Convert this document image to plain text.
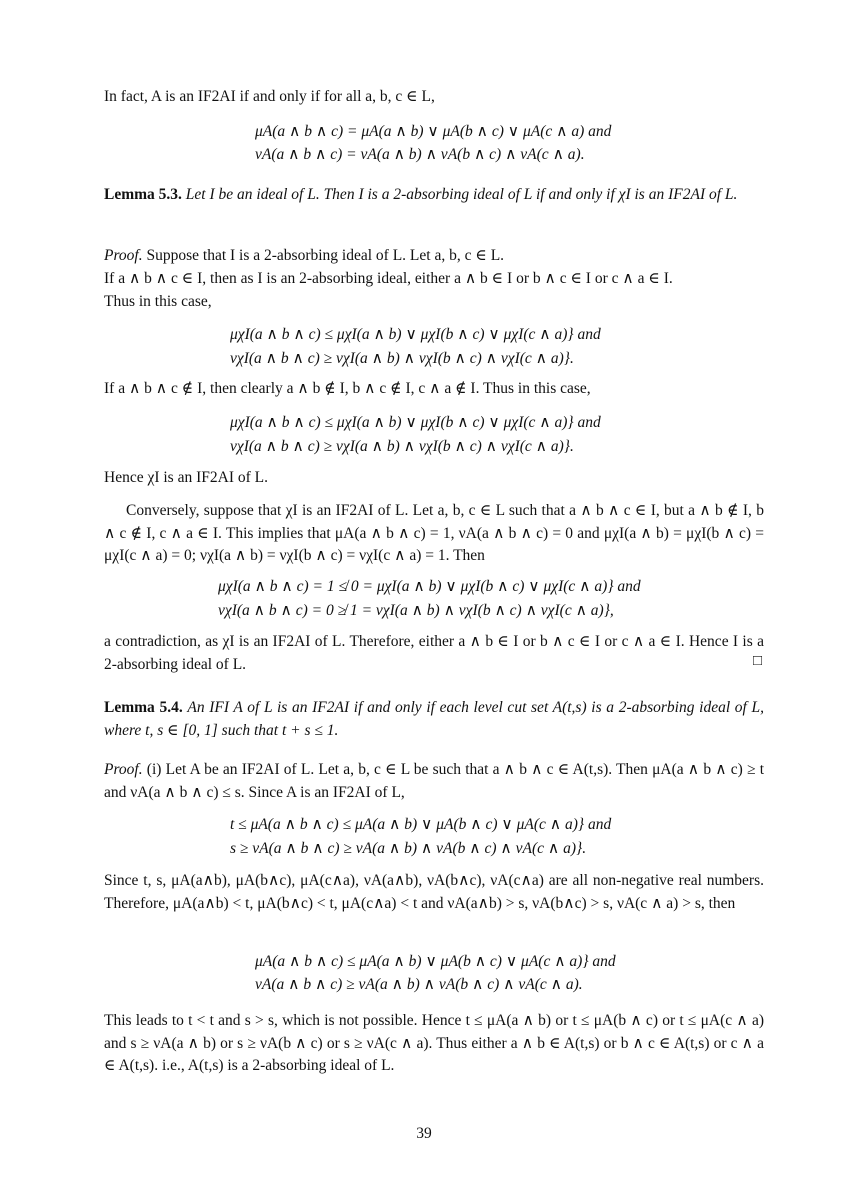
In fact, A is an IF2AI if and only if for all a, b, c ∈ L,

μA(a ∧ b ∧ c) = μA(a ∧ b) ∨ μA(b ∧ c) ∨ μA(c ∧ a) and
νA(a ∧ b ∧ c) = νA(a ∧ b) ∧ νA(b ∧ c) ∧ νA(c ∧ a).

Lemma 5.3. Let I be an ideal of L. Then I is a 2-absorbing ideal of L if and only if χI is an IF2AI of L.

Proof. Suppose that I is a 2-absorbing ideal of L. Let a, b, c ∈ L.

If a ∧ b ∧ c ∈ I, then as I is an 2-absorbing ideal, either a ∧ b ∈ I or b ∧ c ∈ I or c ∧ a ∈ I.

Thus in this case,

μχI(a ∧ b ∧ c) ≤ μχI(a ∧ b) ∨ μχI(b ∧ c) ∨ μχI(c ∧ a)} and
νχI(a ∧ b ∧ c) ≥ νχI(a ∧ b) ∧ νχI(b ∧ c) ∧ νχI(c ∧ a)}.

If a ∧ b ∧ c ∉ I, then clearly a ∧ b ∉ I, b ∧ c ∉ I, c ∧ a ∉ I. Thus in this case,

μχI(a ∧ b ∧ c) ≤ μχI(a ∧ b) ∨ μχI(b ∧ c) ∨ μχI(c ∧ a)} and
νχI(a ∧ b ∧ c) ≥ νχI(a ∧ b) ∧ νχI(b ∧ c) ∧ νχI(c ∧ a)}.

Hence χI is an IF2AI of L.

Conversely, suppose that χI is an IF2AI of L. Let a, b, c ∈ L such that a ∧ b ∧ c ∈ I, but a ∧ b ∉ I, b ∧ c ∉ I, c ∧ a ∈ I. This implies that μA(a ∧ b ∧ c) = 1, νA(a ∧ b ∧ c) = 0 and μχI(a ∧ b) = μχI(b ∧ c) = μχI(c ∧ a) = 0; νχI(a ∧ b) = νχI(b ∧ c) = νχI(c ∧ a) = 1. Then

μχI(a ∧ b ∧ c) = 1 ≰ 0 = μχI(a ∧ b) ∨ μχI(b ∧ c) ∨ μχI(c ∧ a)} and
νχI(a ∧ b ∧ c) = 0 ≱ 1 = νχI(a ∧ b) ∧ νχI(b ∧ c) ∧ νχI(c ∧ a)},

a contradiction, as χI is an IF2AI of L. Therefore, either a ∧ b ∈ I or b ∧ c ∈ I or c ∧ a ∈ I. Hence I is a 2-absorbing ideal of L.	□

Lemma 5.4. An IFI A of L is an IF2AI if and only if each level cut set A(t,s) is a 2-absorbing ideal of L, where t, s ∈ [0, 1] such that t + s ≤ 1.

Proof. (i) Let A be an IF2AI of L. Let a, b, c ∈ L be such that a ∧ b ∧ c ∈ A(t,s). Then μA(a ∧ b ∧ c) ≥ t and νA(a ∧ b ∧ c) ≤ s. Since A is an IF2AI of L,

t ≤ μA(a ∧ b ∧ c) ≤ μA(a ∧ b) ∨ μA(b ∧ c) ∨ μA(c ∧ a)} and
s ≥ νA(a ∧ b ∧ c) ≥ νA(a ∧ b) ∧ νA(b ∧ c) ∧ νA(c ∧ a)}.

Since t, s, μA(a∧b), μA(b∧c), μA(c∧a), νA(a∧b), νA(b∧c), νA(c∧a) are all non-negative real numbers. Therefore, μA(a∧b) < t, μA(b∧c) < t, μA(c∧a) < t and νA(a∧b) > s, νA(b∧c) > s, νA(c ∧ a) > s, then

μA(a ∧ b ∧ c) ≤ μA(a ∧ b) ∨ μA(b ∧ c) ∨ μA(c ∧ a)} and
νA(a ∧ b ∧ c) ≥ νA(a ∧ b) ∧ νA(b ∧ c) ∧ νA(c ∧ a).

This leads to t < t and s > s, which is not possible. Hence t ≤ μA(a ∧ b) or t ≤ μA(b ∧ c) or t ≤ μA(c ∧ a) and s ≥ νA(a ∧ b) or s ≥ νA(b ∧ c) or s ≥ νA(c ∧ a). Thus either a ∧ b ∈ A(t,s) or b ∧ c ∈ A(t,s) or c ∧ a ∈ A(t,s). i.e., A(t,s) is a 2-absorbing ideal of L.

39
